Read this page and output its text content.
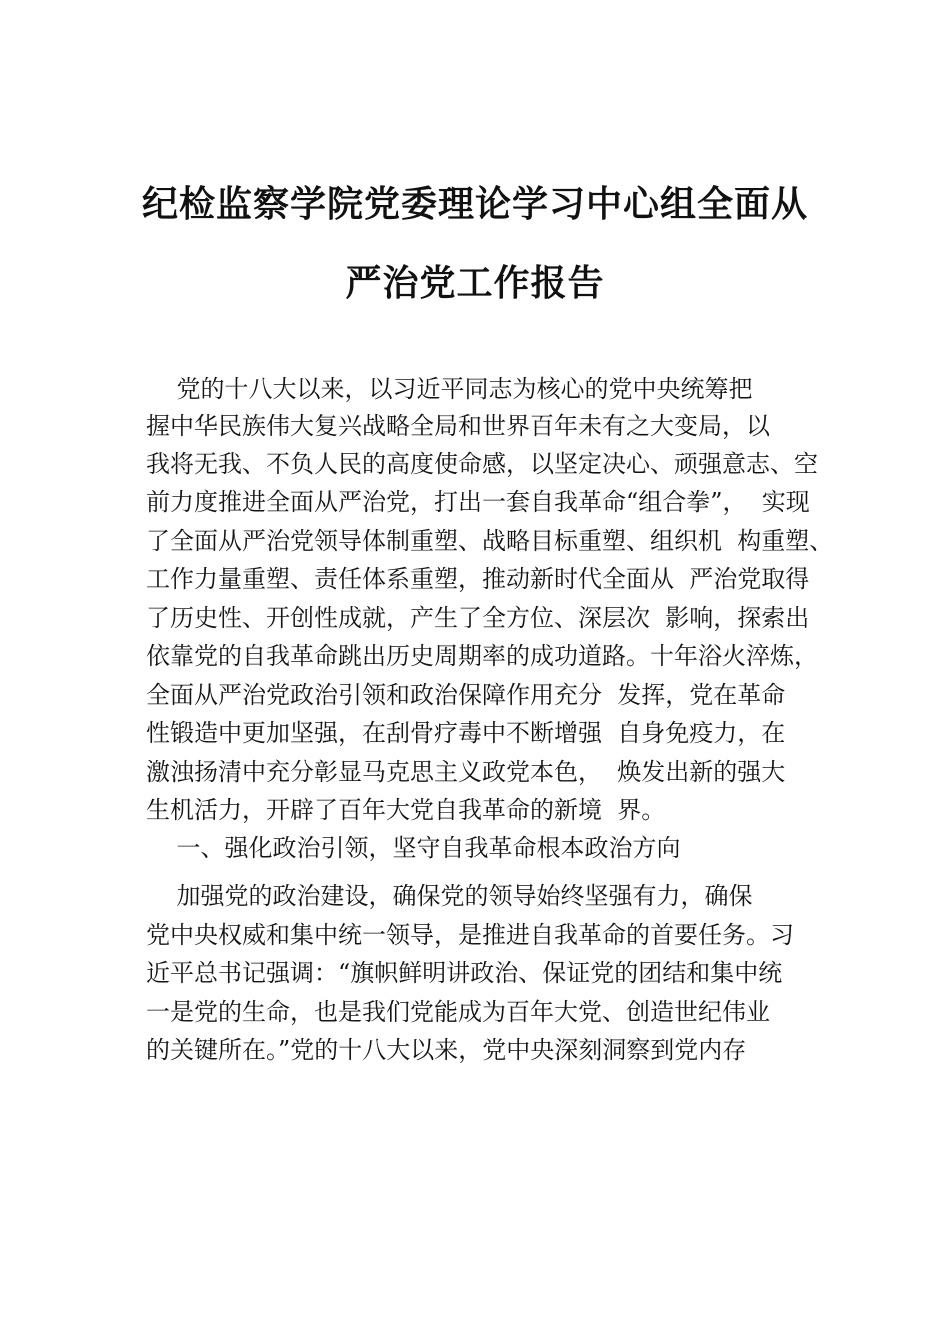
纪检监察学院党委理论学习中心组全面从
严治党工作报告
党的十八大以来，以习近平同志为核心的党中央统筹把
握中华民族伟大复兴战略全局和世界百年未有之大变局，以
我将无我、不负人民的高度使命感，以坚定决心、顽强意志、空
前力度推进全面从严治党，打出一套自我革命“组合拳”，  实现
了全面从严治党领导体制重塑、战略目标重塑、组织机  构重塑、
工作力量重塑、责任体系重塑，推动新时代全面从  严治党取得
了历史性、开创性成就，产生了全方位、深层次  影响，探索出
依靠党的自我革命跳出历史周期率的成功道路。十年浴火淬炼，
全面从严治党政治引领和政治保障作用充分  发挥，党在革命
性锻造中更加坚强，在刮骨疗毒中不断增强  自身免疫力，在
激浊扬清中充分彰显马克思主义政党本色，  焕发出新的强大
生机活力，开辟了百年大党自我革命的新境  界。
一、强化政治引领，坚守自我革命根本政治方向
加强党的政治建设，确保党的领导始终坚强有力，确保
党中央权威和集中统一领导，是推进自我革命的首要任务。习
近平总书记强调：“旗帜鲜明讲政治、保证党的团结和集中统
一是党的生命，也是我们党能成为百年大党、创造世纪伟业
的关键所在。”党的十八大以来，党中央深刻洞察到党内存
